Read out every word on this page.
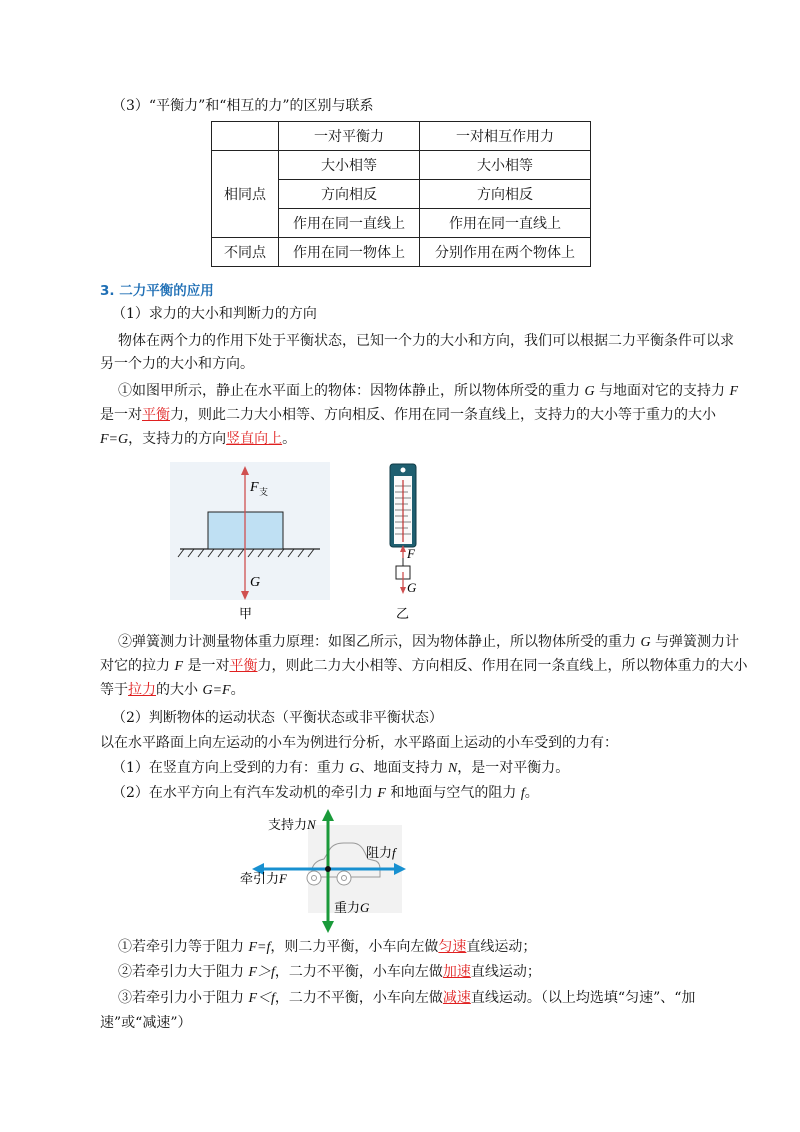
（3）“平衡力”和“相互的力”的区别与联系
	一对平衡力	一对相互作用力
相同点	大小相等	大小相等
	方向相反	方向相反
	作用在同一直线上	作用在同一直线上
不同点	作用在同一物体上	分别作用在两个物体上
3. 二力平衡的应用
（1）求力的大小和判断力的方向
物体在两个力的作用下处于平衡状态，已知一个力的大小和方向，我们可以根据二力平衡条件可以求
另一个力的大小和方向。
①如图甲所示，静止在水平面上的物体：因物体静止，所以物体所受的重力 G 与地面对它的支持力 F
是一对平衡力，则此二力大小相等、方向相反、作用在同一条直线上，支持力的大小等于重力的大小
F=G，支持力的方向竖直向上。
F 支
G
甲
F
G
乙
②弹簧测力计测量物体重力原理：如图乙所示，因为物体静止，所以物体所受的重力 G 与弹簧测力计
对它的拉力 F 是一对平衡力，则此二力大小相等、方向相反、作用在同一条直线上，所以物体重力的大小
等于拉力的大小 G=F。
（2）判断物体的运动状态（平衡状态或非平衡状态）
以在水平路面上向左运动的小车为例进行分析，水平路面上运动的小车受到的力有：
（1）在竖直方向上受到的力有：重力 G、地面支持力 N，是一对平衡力。
（2）在水平方向上有汽车发动机的牵引力 F 和地面与空气的阻力 f。
支持力N
阻力f
牵引力F
重力G
①若牵引力等于阻力 F=f，则二力平衡，小车向左做匀速直线运动；
②若牵引力大于阻力 F＞f，二力不平衡，小车向左做加速直线运动；
③若牵引力小于阻力 F＜f，二力不平衡，小车向左做减速直线运动。（以上均选填“匀速”、“加
速”或“减速”）
